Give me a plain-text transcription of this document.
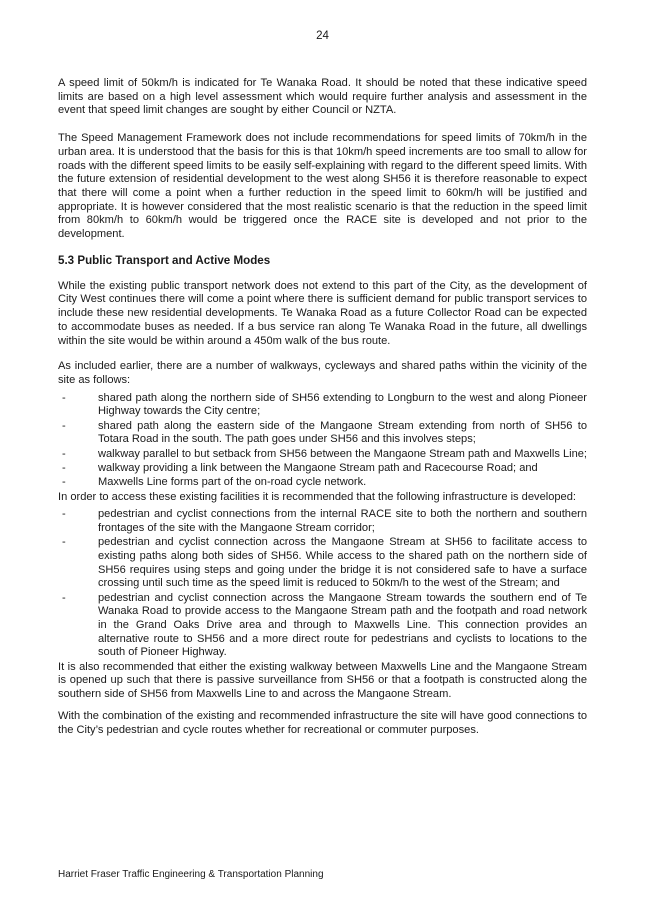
24

A speed limit of 50km/h is indicated for Te Wanaka Road. It should be noted that these indicative speed limits are based on a high level assessment which would require further analysis and assessment in the event that speed limit changes are sought by either Council or NZTA.

The Speed Management Framework does not include recommendations for speed limits of 70km/h in the urban area. It is understood that the basis for this is that 10km/h speed increments are too small to allow for roads with the different speed limits to be easily self-explaining with regard to the different speed limits. With the future extension of residential development to the west along SH56 it is therefore reasonable to expect that there will come a point when a further reduction in the speed limit to 60km/h will be justified and appropriate. It is however considered that the most realistic scenario is that the reduction in the speed limit from 80km/h to 60km/h would be triggered once the RACE site is developed and not prior to the development.

5.3 Public Transport and Active Modes

While the existing public transport network does not extend to this part of the City, as the development of City West continues there will come a point where there is sufficient demand for public transport services to include these new residential developments. Te Wanaka Road as a future Collector Road can be expected to accommodate buses as needed. If a bus service ran along Te Wanaka Road in the future, all dwellings within the site would be within around a 450m walk of the bus route.

As included earlier, there are a number of walkways, cycleways and shared paths within the vicinity of the site as follows:

-	shared path along the northern side of SH56 extending to Longburn to the west and along Pioneer Highway towards the City centre;
-	shared path along the eastern side of the Mangaone Stream extending from north of SH56 to Totara Road in the south. The path goes under SH56 and this involves steps;
-	walkway parallel to but setback from SH56 between the Mangaone Stream path and Maxwells Line;
-	walkway providing a link between the Mangaone Stream path and Racecourse Road; and
-	Maxwells Line forms part of the on-road cycle network.

In order to access these existing facilities it is recommended that the following infrastructure is developed:

-	pedestrian and cyclist connections from the internal RACE site to both the northern and southern frontages of the site with the Mangaone Stream corridor;
-	pedestrian and cyclist connection across the Mangaone Stream at SH56 to facilitate access to existing paths along both sides of SH56. While access to the shared path on the northern side of SH56 requires using steps and going under the bridge it is not considered safe to have a surface crossing until such time as the speed limit is reduced to 50km/h to the west of the Stream; and
-	pedestrian and cyclist connection across the Mangaone Stream towards the southern end of Te Wanaka Road to provide access to the Mangaone Stream path and the footpath and road network in the Grand Oaks Drive area and through to Maxwells Line. This connection provides an alternative route to SH56 and a more direct route for pedestrians and cyclists to locations to the south of Pioneer Highway.

It is also recommended that either the existing walkway between Maxwells Line and the Mangaone Stream is opened up such that there is passive surveillance from SH56 or that a footpath is constructed along the southern side of SH56 from Maxwells Line to and across the Mangaone Stream.

With the combination of the existing and recommended infrastructure the site will have good connections to the City’s pedestrian and cycle routes whether for recreational or commuter purposes.

Harriet Fraser Traffic Engineering & Transportation Planning
